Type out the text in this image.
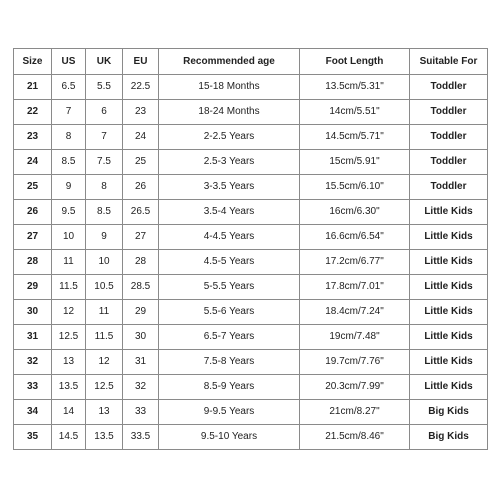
Size	US	UK	EU	Recommended age	Foot Length	Suitable For
21	6.5	5.5	22.5	15-18 Months	13.5cm/5.31"	Toddler
22	7	6	23	18-24 Months	14cm/5.51"	Toddler
23	8	7	24	2-2.5 Years	14.5cm/5.71"	Toddler
24	8.5	7.5	25	2.5-3 Years	15cm/5.91"	Toddler
25	9	8	26	3-3.5 Years	15.5cm/6.10"	Toddler
26	9.5	8.5	26.5	3.5-4 Years	16cm/6.30"	Little Kids
27	10	9	27	4-4.5 Years	16.6cm/6.54"	Little Kids
28	11	10	28	4.5-5 Years	17.2cm/6.77"	Little Kids
29	11.5	10.5	28.5	5-5.5 Years	17.8cm/7.01"	Little Kids
30	12	11	29	5.5-6 Years	18.4cm/7.24"	Little Kids
31	12.5	11.5	30	6.5-7 Years	19cm/7.48"	Little Kids
32	13	12	31	7.5-8 Years	19.7cm/7.76"	Little Kids
33	13.5	12.5	32	8.5-9 Years	20.3cm/7.99"	Little Kids
34	14	13	33	9-9.5 Years	21cm/8.27"	Big Kids
35	14.5	13.5	33.5	9.5-10 Years	21.5cm/8.46"	Big Kids
